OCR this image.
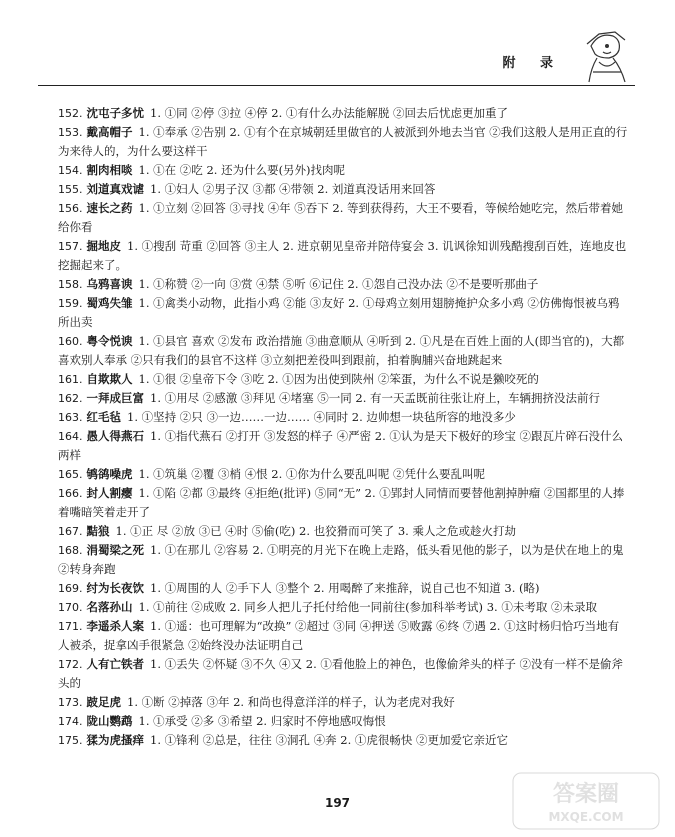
附 录

152. 沈屯子多忧 1. ①同 ②停 ③拉 ④停 2. ①有什么办法能解脱 ②回去后忧虑更加重了

153. 戴高帽子 1. ①奉承 ②告别 2. ①有个在京城朝廷里做官的人被派到外地去当官 ②我们这般人是用正直的行为来待人的，为什么要这样干

154. 割肉相啖 1. ①在 ②吃 2. 还为什么要(另外)找肉呢

155. 刘道真戏谑 1. ①妇人 ②男子汉 ③都 ④带领 2. 刘道真没话用来回答

156. 速长之药 1. ①立刻 ②回答 ③寻找 ④年 ⑤吞下 2. 等到获得药，大王不要看，等候给她吃完，然后带着她给你看

157. 掘地皮 1. ①搜刮 苛重 ②回答 ③主人 2. 进京朝见皇帝并陪侍宴会 3. 讥讽徐知训残酷搜刮百姓，连地皮也挖掘起来了。

158. 乌鸦喜谀 1. ①称赞 ②一向 ③赏 ④禁 ⑤听 ⑥记住 2. ①怨自己没办法 ②不是要听那曲子

159. 蜀鸡失雏 1. ①禽类小动物，此指小鸡 ②能 ③友好 2. ①母鸡立刻用翅膀掩护众多小鸡 ②仿佛悔恨被乌鸦所出卖

160. 粤令悦谀 1. ①县官 喜欢 ②发布 政治措施 ③曲意顺从 ④听到 2. ①凡是在百姓上面的人(即当官的)，大都喜欢别人奉承 ②只有我们的县官不这样 ③立刻把差役叫到跟前，拍着胸脯兴奋地跳起来

161. 自欺欺人 1. ①很 ②皇帝下令 ③吃 2. ①因为出使到陕州 ②笨蛋，为什么不说是獭咬死的

162. 一拜成巨富 1. ①用尽 ②感激 ③拜见 ④堵塞 ⑤一同 2. 有一天孟既前往张让府上，车辆拥挤没法前行

163. 红毛毡 1. ①坚持 ②只 ③一边……一边…… ④同时 2. 边帅想一块毡所容的地没多少

164. 愚人得燕石 1. ①指代燕石 ②打开 ③发怒的样子 ④严密 2. ①认为是天下极好的珍宝 ②跟瓦片碎石没什么两样

165. 鸲鹆噪虎 1. ①筑巢 ②覆 ③梢 ④恨 2. ①你为什么要乱叫呢 ②凭什么要乱叫呢

166. 封人割瘿 1. ①陷 ②都 ③最终 ④拒绝(批评) ⑤同“无” 2. ①郢封人同情而要替他割掉肿瘤 ②国都里的人捧着嘴暗笑着走开了

167. 黠狼 1. ①正 尽 ②放 ③已 ④时 ⑤偷(吃) 2. 也狡猾而可笑了 3. 乘人之危或趁火打劫

168. 涓蜀梁之死 1. ①在那儿 ②容易 2. ①明亮的月光下在晚上走路，低头看见他的影子，以为是伏在地上的鬼 ②转身奔跑

169. 纣为长夜饮 1. ①周围的人 ②手下人 ③整个 2. 用喝醉了来推辞，说自己也不知道 3. (略)

170. 名落孙山 1. ①前往 ②成败 2. 同乡人把儿子托付给他一同前往(参加科举考试) 3. ①未考取 ②未录取

171. 李遥杀人案 1. ①遥：也可理解为“改换” ②超过 ③同 ④押送 ⑤败露 ⑥终 ⑦遇 2. ①这时杨归恰巧当地有人被杀，捉拿凶手很紧急 ②始终没办法证明自己

172. 人有亡铁者 1. ①丢失 ②怀疑 ③不久 ④又 2. ①看他脸上的神色，也像偷斧头的样子 ②没有一样不是偷斧头的

173. 跛足虎 1. ①断 ②掉落 ③年 2. 和尚也得意洋洋的样子，认为老虎对我好

174. 陇山鹦鹉 1. ①承受 ②多 ③希望 2. 归家时不停地感叹悔恨

175. 猱为虎搔痒 1. ①锋利 ②总是，往往 ③洞孔 ④奔 2. ①虎很畅快 ②更加爱它亲近它

197	答案圈
MXQE.COM
